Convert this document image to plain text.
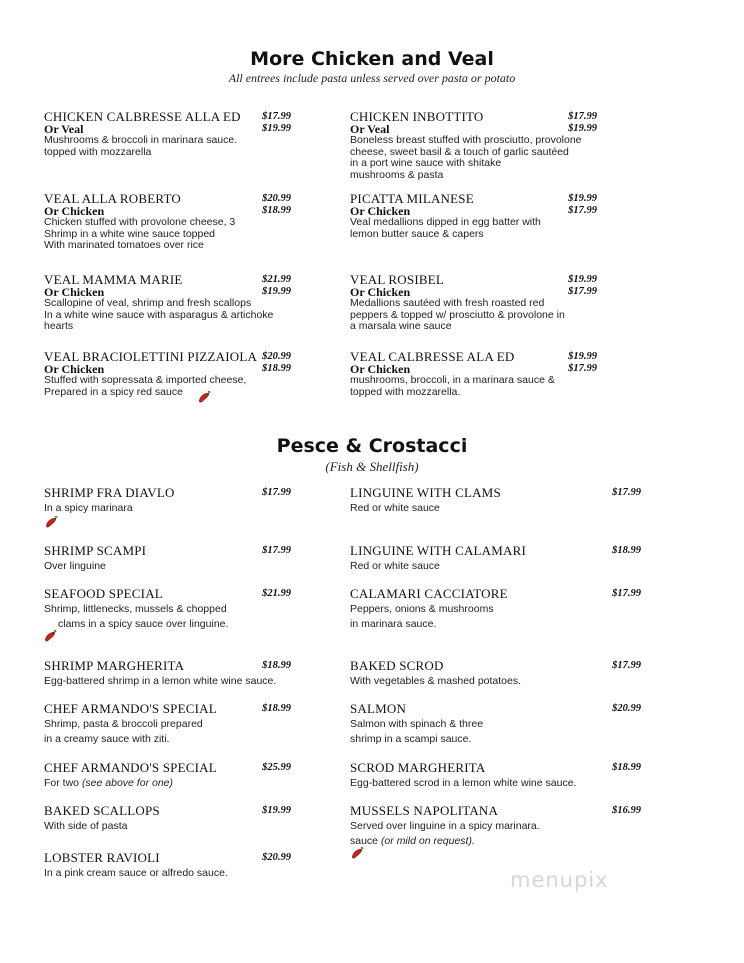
More Chicken and Veal
All entrees include pasta unless served over pasta or potato
CHICKEN CALBRESSE ALLA ED
Or Veal
Mushrooms & broccoli in marinara sauce.
topped with mozzarella
$17.99
$19.99
CHICKEN INBOTTITO
Or Veal
Boneless breast stuffed with prosciutto, provolone
cheese, sweet basil & a touch of garlic sautéed
in a port wine sauce with shitake
mushrooms & pasta
$17.99
$19.99
VEAL ALLA ROBERTO
Or Chicken
Chicken stuffed with provolone cheese, 3
Shrimp in a white wine sauce topped
With marinated tomatoes over rice
$20.99
$18.99
PICATTA MILANESE
Or Chicken
Veal medallions dipped in egg batter with
lemon butter sauce & capers
$19.99
$17.99
VEAL MAMMA MARIE
Or Chicken
Scallopine of veal, shrimp and fresh scallops
In a white wine sauce with asparagus & artichoke
hearts
$21.99
$19.99
VEAL ROSIBEL
Or Chicken
Medallions sautéed with fresh roasted red
peppers & topped w/ prosciutto & provolone in
a marsala wine sauce
$19.99
$17.99
VEAL BRACIOLETTINI PIZZAIOLA
Or Chicken
Stuffed with sopressata & imported cheese,
Prepared in a spicy red sauce
$20.99
$18.99
VEAL CALBRESSE ALA ED
Or Chicken
mushrooms, broccoli, in a marinara sauce &
topped with mozzarella.
$19.99
$17.99
Pesce & Crostacci
(Fish & Shellfish)
SHRIMP FRA DIAVLO
In a spicy marinara
$17.99
SHRIMP SCAMPI
Over linguine
$17.99
SEAFOOD SPECIAL
Shrimp, littlenecks, mussels & chopped
clams in a spicy sauce over linguine.
$21.99
SHRIMP MARGHERITA
Egg-battered shrimp in a lemon white wine sauce.
$18.99
CHEF ARMANDO'S SPECIAL
Shrimp, pasta & broccoli prepared
in a creamy sauce with ziti.
$18.99
CHEF ARMANDO'S SPECIAL
For two (see above for one)
$25.99
BAKED SCALLOPS
With side of pasta
$19.99
LOBSTER RAVIOLI
In a pink cream sauce or alfredo sauce.
$20.99
LINGUINE WITH CLAMS
Red or white sauce
$17.99
LINGUINE WITH CALAMARI
Red or white sauce
$18.99
CALAMARI CACCIATORE
Peppers, onions & mushrooms
in marinara sauce.
$17.99
BAKED SCROD
With vegetables & mashed potatoes.
$17.99
SALMON
Salmon with spinach & three
shrimp in a scampi sauce.
$20.99
SCROD MARGHERITA
Egg-battered scrod in a lemon white wine sauce.
$18.99
MUSSELS NAPOLITANA
Served over linguine in a spicy marinara.
sauce (or mild on request).
$16.99
menupix
